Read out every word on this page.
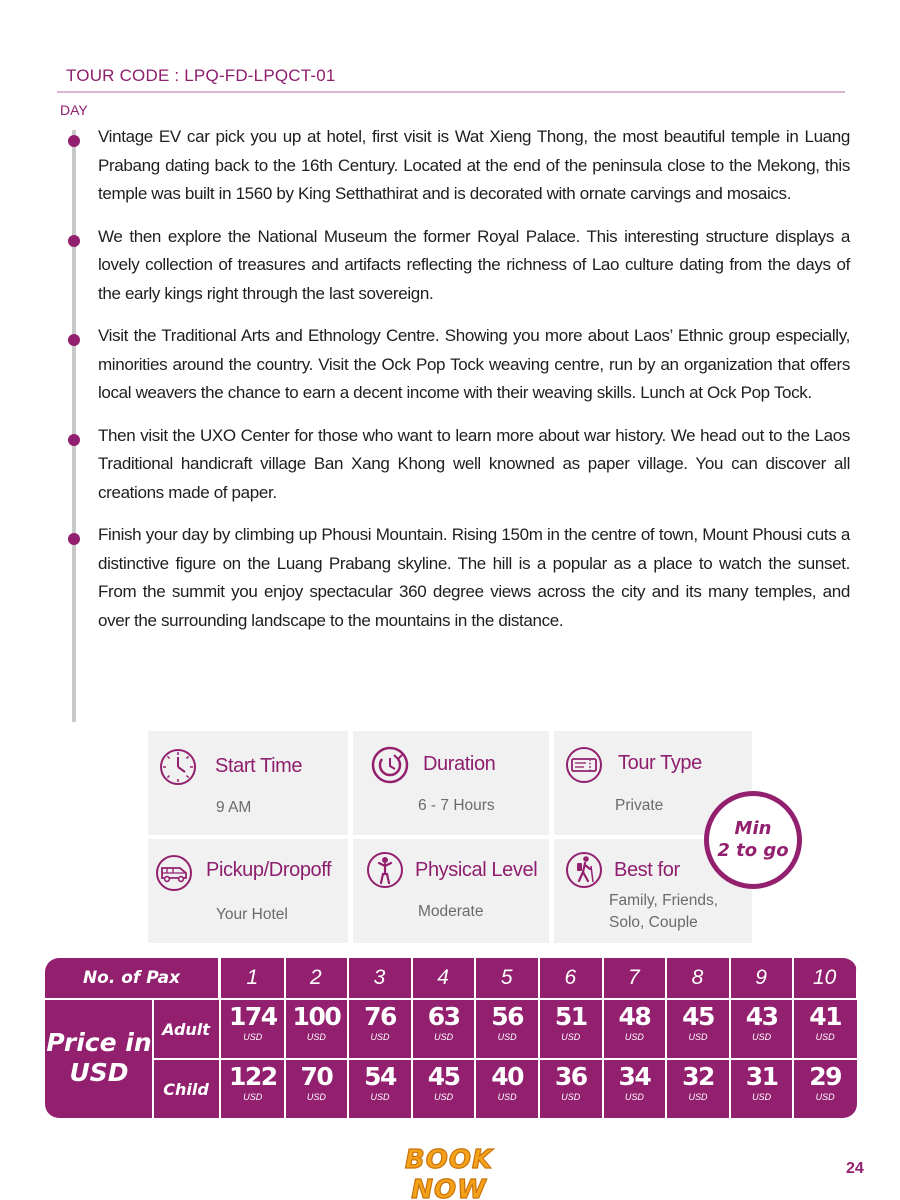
TOUR CODE : LPQ-FD-LPQCT-01
DAY

Vintage EV car pick you up at hotel, first visit is Wat Xieng Thong, the most beautiful temple in Luang Prabang dating back to the 16th Century. Located at the end of the peninsula close to the Mekong, this temple was built in 1560 by King Setthathirat and is decorated with ornate carvings and mosaics.

We then explore the National Museum the former Royal Palace. This interesting structure displays a lovely collection of treasures and artifacts reflecting the richness of Lao culture dating from the days of the early kings right through the last sovereign.

Visit the Traditional Arts and Ethnology Centre. Showing you more about Laos’ Ethnic group especially, minorities around the country. Visit the Ock Pop Tock weaving centre, run by an organization that offers local weavers the chance to earn a decent income with their weaving skills. Lunch at Ock Pop Tock.

Then visit the UXO Center for those who want to learn more about war history. We head out to the Laos Traditional handicraft village Ban Xang Khong well knowned as paper village. You can discover all creations made of paper.

Finish your day by climbing up Phousi Mountain. Rising 150m in the centre of town, Mount Phousi cuts a distinctive figure on the Luang Prabang skyline. The hill is a popular as a place to watch the sunset. From the summit you enjoy spectacular 360 degree views across the city and its many temples, and over the surrounding landscape to the mountains in the distance.

Start Time
9 AM
Duration
6 - 7 Hours
Tour Type
Private
Pickup/Dropoff
Your Hotel
Physical Level
Moderate
Best for
Family, Friends,
Solo, Couple
Min
2 to go
No. of Pax
Price in
USD
Adult
Child
1
174
USD
122
USD
2
100
USD
70
USD
3
76
USD
54
USD
4
63
USD
45
USD
5
56
USD
40
USD
6
51
USD
36
USD
7
48
USD
34
USD
8
45
USD
32
USD
9
43
USD
31
USD
10
41
USD
29
USD
BOOK NOW
24
